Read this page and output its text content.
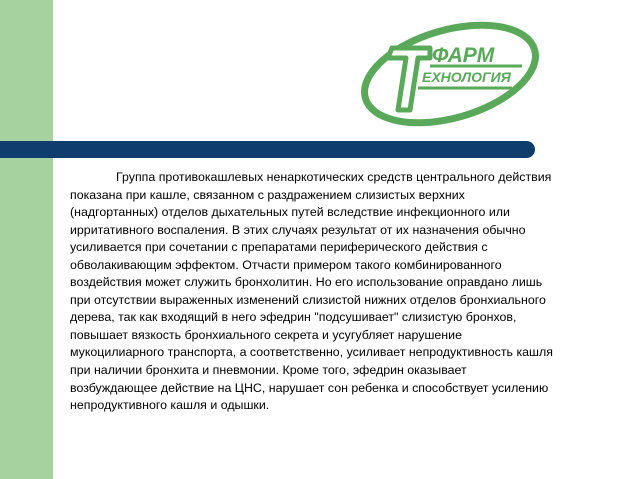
ФАРМ
ЕХНОЛОГИЯ

Группа противокашлевых ненаркотических средств центрального действия показана при кашле, связанном с раздражением слизистых верхних (надгортанных) отделов дыхательных путей вследствие инфекционного или ирритативного воспаления. В этих случаях результат от их назначения обычно усиливается при сочетании с препаратами периферического действия с обволакивающим эффектом. Отчасти примером такого комбинированного воздействия может служить бронхолитин. Но его использование оправдано лишь при отсутствии выраженных изменений слизистой нижних отделов бронхиального дерева, так как входящий в него эфедрин "подсушивает" слизистую бронхов, повышает вязкость бронхиального секрета и усугубляет нарушение мукоцилиарного транспорта, а соответственно, усиливает непродуктивность кашля при наличии бронхита и пневмонии. Кроме того, эфедрин оказывает возбуждающее действие на ЦНС, нарушает сон ребенка и способствует усилению непродуктивного кашля и одышки.
